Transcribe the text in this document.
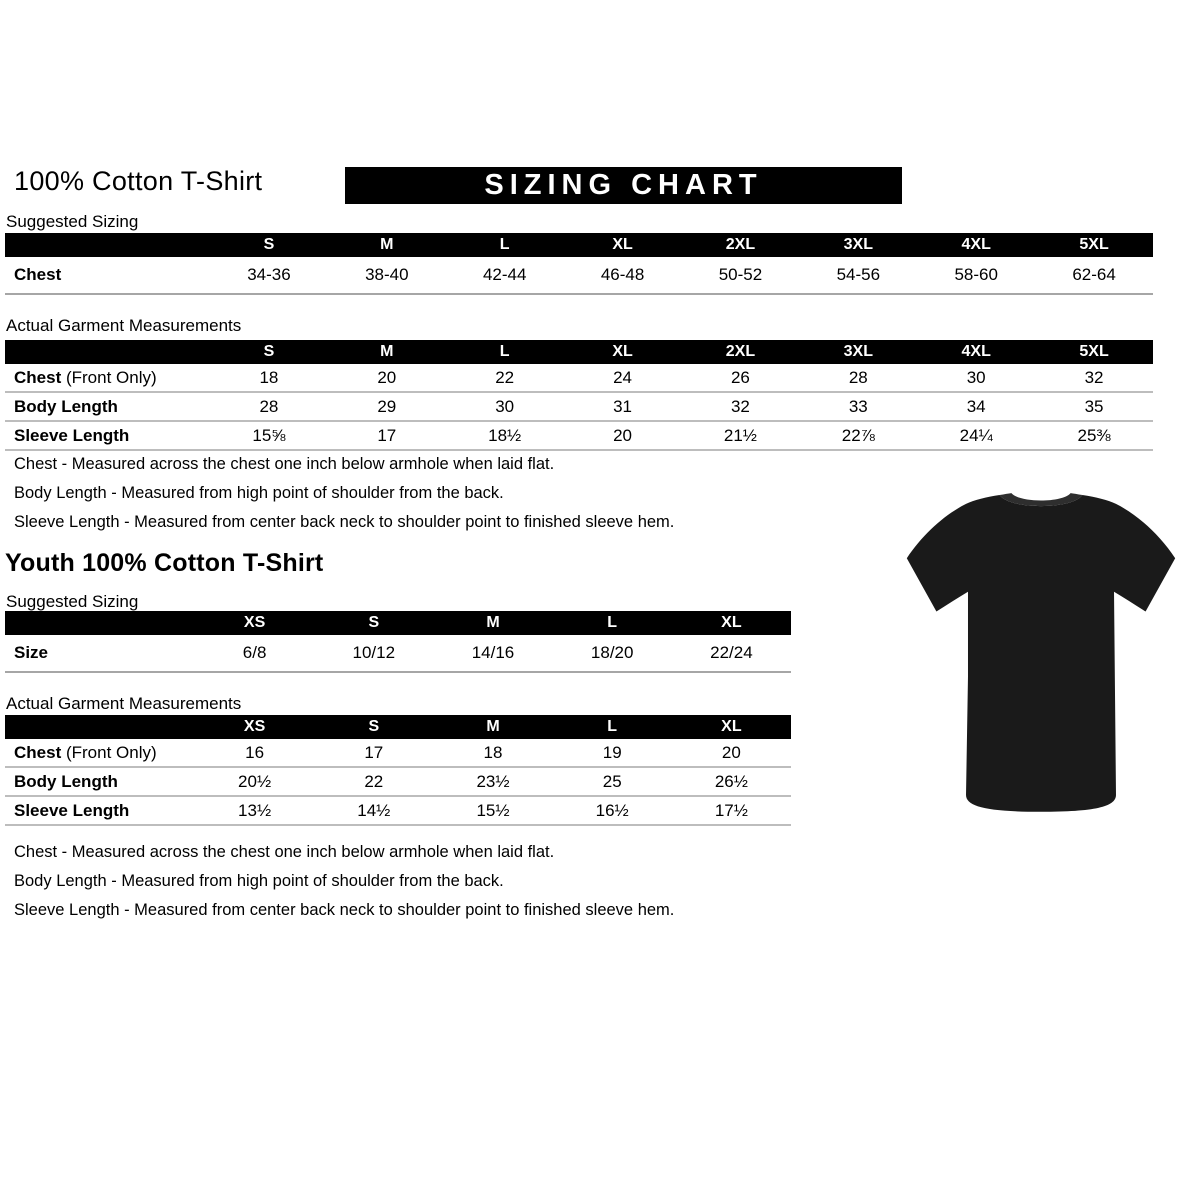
100% Cotton T-Shirt	SIZING CHART
Suggested Sizing
S	M	L	XL	2XL	3XL	4XL	5XL
Chest	34-36	38-40	42-44	46-48	50-52	54-56	58-60	62-64
Actual Garment Measurements
S	M	L	XL	2XL	3XL	4XL	5XL
Chest (Front Only)	18	20	22	24	26	28	30	32
Body Length	28	29	30	31	32	33	34	35
Sleeve Length	15⅝	17	18½	20	21½	22⅞	24¼	25⅜
Chest - Measured across the chest one inch below armhole when laid flat.
Body Length - Measured from high point of shoulder from the back.
Sleeve Length - Measured from center back neck to shoulder point to finished sleeve hem.
Youth 100% Cotton T-Shirt
Suggested Sizing
XS	S	M	L	XL
Size	6/8	10/12	14/16	18/20	22/24
Actual Garment Measurements
XS	S	M	L	XL
Chest (Front Only)	16	17	18	19	20
Body Length	20½	22	23½	25	26½
Sleeve Length	13½	14½	15½	16½	17½
Chest - Measured across the chest one inch below armhole when laid flat.
Body Length - Measured from high point of shoulder from the back.
Sleeve Length - Measured from center back neck to shoulder point to finished sleeve hem.
